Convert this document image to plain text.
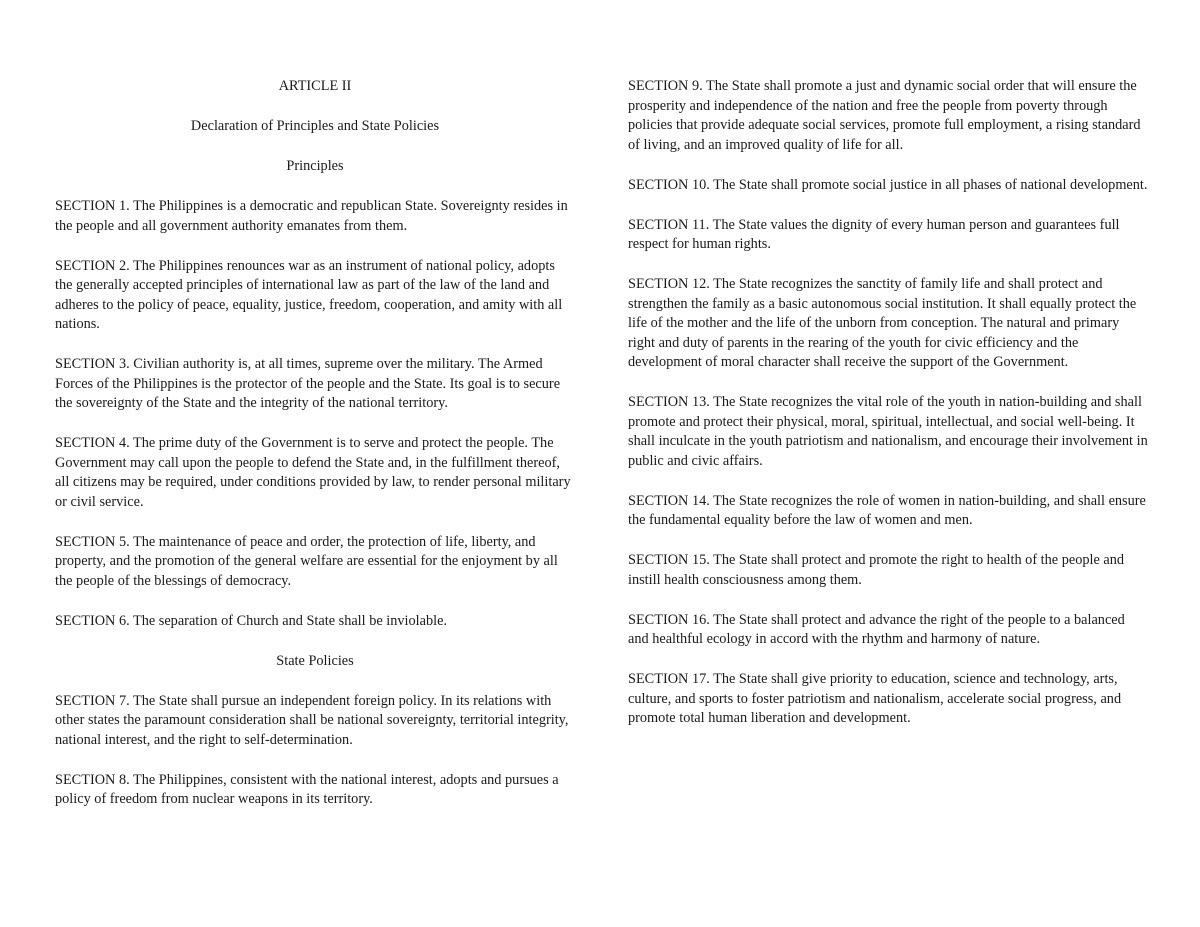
ARTICLE II

Declaration of Principles and State Policies

Principles

SECTION 1. The Philippines is a democratic and republican State. Sovereignty resides in the people and all government authority emanates from them.

SECTION 2. The Philippines renounces war as an instrument of national policy, adopts the generally accepted principles of international law as part of the law of the land and adheres to the policy of peace, equality, justice, freedom, cooperation, and amity with all nations.

SECTION 3. Civilian authority is, at all times, supreme over the military. The Armed Forces of the Philippines is the protector of the people and the State. Its goal is to secure the sovereignty of the State and the integrity of the national territory.

SECTION 4. The prime duty of the Government is to serve and protect the people. The Government may call upon the people to defend the State and, in the fulfillment thereof, all citizens may be required, under conditions provided by law, to render personal military or civil service.

SECTION 5. The maintenance of peace and order, the protection of life, liberty, and property, and the promotion of the general welfare are essential for the enjoyment by all the people of the blessings of democracy.

SECTION 6. The separation of Church and State shall be inviolable.

State Policies

SECTION 7. The State shall pursue an independent foreign policy. In its relations with other states the paramount consideration shall be national sovereignty, territorial integrity, national interest, and the right to self-determination.

SECTION 8. The Philippines, consistent with the national interest, adopts and pursues a policy of freedom from nuclear weapons in its territory.

SECTION 9. The State shall promote a just and dynamic social order that will ensure the prosperity and independence of the nation and free the people from poverty through policies that provide adequate social services, promote full employment, a rising standard of living, and an improved quality of life for all.

SECTION 10. The State shall promote social justice in all phases of national development.

SECTION 11. The State values the dignity of every human person and guarantees full respect for human rights.

SECTION 12. The State recognizes the sanctity of family life and shall protect and strengthen the family as a basic autonomous social institution. It shall equally protect the life of the mother and the life of the unborn from conception. The natural and primary right and duty of parents in the rearing of the youth for civic efficiency and the development of moral character shall receive the support of the Government.

SECTION 13. The State recognizes the vital role of the youth in nation-building and shall promote and protect their physical, moral, spiritual, intellectual, and social well-being. It shall inculcate in the youth patriotism and nationalism, and encourage their involvement in public and civic affairs.

SECTION 14. The State recognizes the role of women in nation-building, and shall ensure the fundamental equality before the law of women and men.

SECTION 15. The State shall protect and promote the right to health of the people and instill health consciousness among them.

SECTION 16. The State shall protect and advance the right of the people to a balanced and healthful ecology in accord with the rhythm and harmony of nature.

SECTION 17. The State shall give priority to education, science and technology, arts, culture, and sports to foster patriotism and nationalism, accelerate social progress, and promote total human liberation and development.
